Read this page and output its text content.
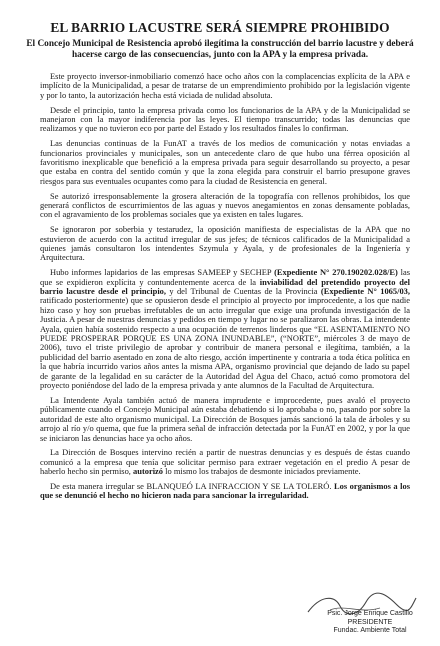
EL BARRIO LACUSTRE SERÁ SIEMPRE PROHIBIDO
El Concejo Municipal de Resistencia aprobó ilegítima la construcción del barrio lacustre y deberá hacerse cargo de las consecuencias, junto con la APA y la empresa privada.

Este proyecto inversor-inmobiliario comenzó hace ocho años con la complacencias explícita de la APA e implícito de la Municipalidad, a pesar de tratarse de un emprendimiento prohibido por la legislación vigente y por lo tanto, la autorización hecha está viciada de nulidad absoluta.

Desde el principio, tanto la empresa privada como los funcionarios de la APA y de la Municipalidad se manejaron con la mayor indiferencia por las leyes. El tiempo transcurrido; todas las denuncias que realizamos y que no tuvieron eco por parte del Estado y los resultados finales lo confirman.

Las denuncias continuas de la FunAT a través de los medios de comunicación y notas enviadas a funcionarios provinciales y municipales, son un antecedente claro de que hubo una férrea oposición al favoritismo inexplicable que benefició a la empresa privada para seguir desarrollando su proyecto, a pesar que estaba en contra del sentido común y que la zona elegida para construir el barrio presupone graves riesgos para sus eventuales ocupantes como para la ciudad de Resistencia en general.

Se autorizó irresponsablemente la grosera alteración de la topografía con rellenos prohibidos, los que generará conflictos de escurrimientos de las aguas y nuevos anegamientos en zonas densamente pobladas, con el agravamiento de los problemas sociales que ya existen en tales lugares.

Se ignoraron por soberbia y testarudez, la oposición manifiesta de especialistas de la APA que no estuvieron de acuerdo con la actitud irregular de sus jefes; de técnicos calificados de la Municipalidad a quienes jamás consultaron los intendentes Szymula y Ayala, y de profesionales de la Ingeniería y Arquitectura.

Hubo informes lapidarios de las empresas SAMEEP y SECHEP (Expediente N° 270.190202.028/E) las que se expidieron explícita y contundentemente acerca de la inviabilidad del pretendido proyecto del barrio lacustre desde el principio, y del Tribunal de Cuentas de la Provincia (Expediente N° 1065/03, ratificado posteriormente) que se opusieron desde el principio al proyecto por improcedente, a los que nadie hizo caso y hoy son pruebas irrefutables de un acto irregular que exige una profunda investigación de la Justicia. A pesar de nuestras denuncias y pedidos en tiempo y lugar no se paralizaron las obras. La intendente Ayala, quien había sostenido respecto a una ocupación de terrenos linderos que “EL ASENTAMIENTO NO PUEDE PROSPERAR PORQUE ES UNA ZONA INUNDABLE”, (“NORTE”, miércoles 3 de mayo de 2006), tuvo el triste privilegio de aprobar y contribuir de manera personal e ilegítima, también, a la publicidad del barrio asentado en zona de alto riesgo, acción impertinente y contraria a toda ética política en la que habría incurrido varios años antes la misma APA, organismo provincial que dejando de lado su papel de garante de la legalidad en su carácter de la Autoridad del Agua del Chaco, actuó como promotora del proyecto poniéndose del lado de la empresa privada y ante alumnos de la Facultad de Arquitectura.

La Intendente Ayala también actuó de manera imprudente e improcedente, pues avaló el proyecto públicamente cuando el Concejo Municipal aún estaba debatiendo si lo aprobaba o no, pasando por sobre la autoridad de este alto organismo municipal. La Dirección de Bosques jamás sancionó la tala de árboles y su arrojo al río y/o quema, que fue la primera señal de infracción detectada por la FunAT en 2002, y por la que se iniciaron las denuncias hace ya ocho años.

La Dirección de Bosques intervino recién a partir de nuestras denuncias y es después de éstas cuando comunicó a la empresa que tenía que solicitar permiso para extraer vegetación en el predio A pesar de haberlo hecho sin permiso, autorizó lo mismo los trabajos de desmonte iniciados previamente.

De esta manera irregular se BLANQUEÓ LA INFRACCION Y SE LA TOLERÓ. Los organismos a los que se denunció el hecho no hicieron nada para sancionar la irregularidad.

Psic. Jorge Enrique Castillo
PRESIDENTE
Fundac. Ambiente Total
